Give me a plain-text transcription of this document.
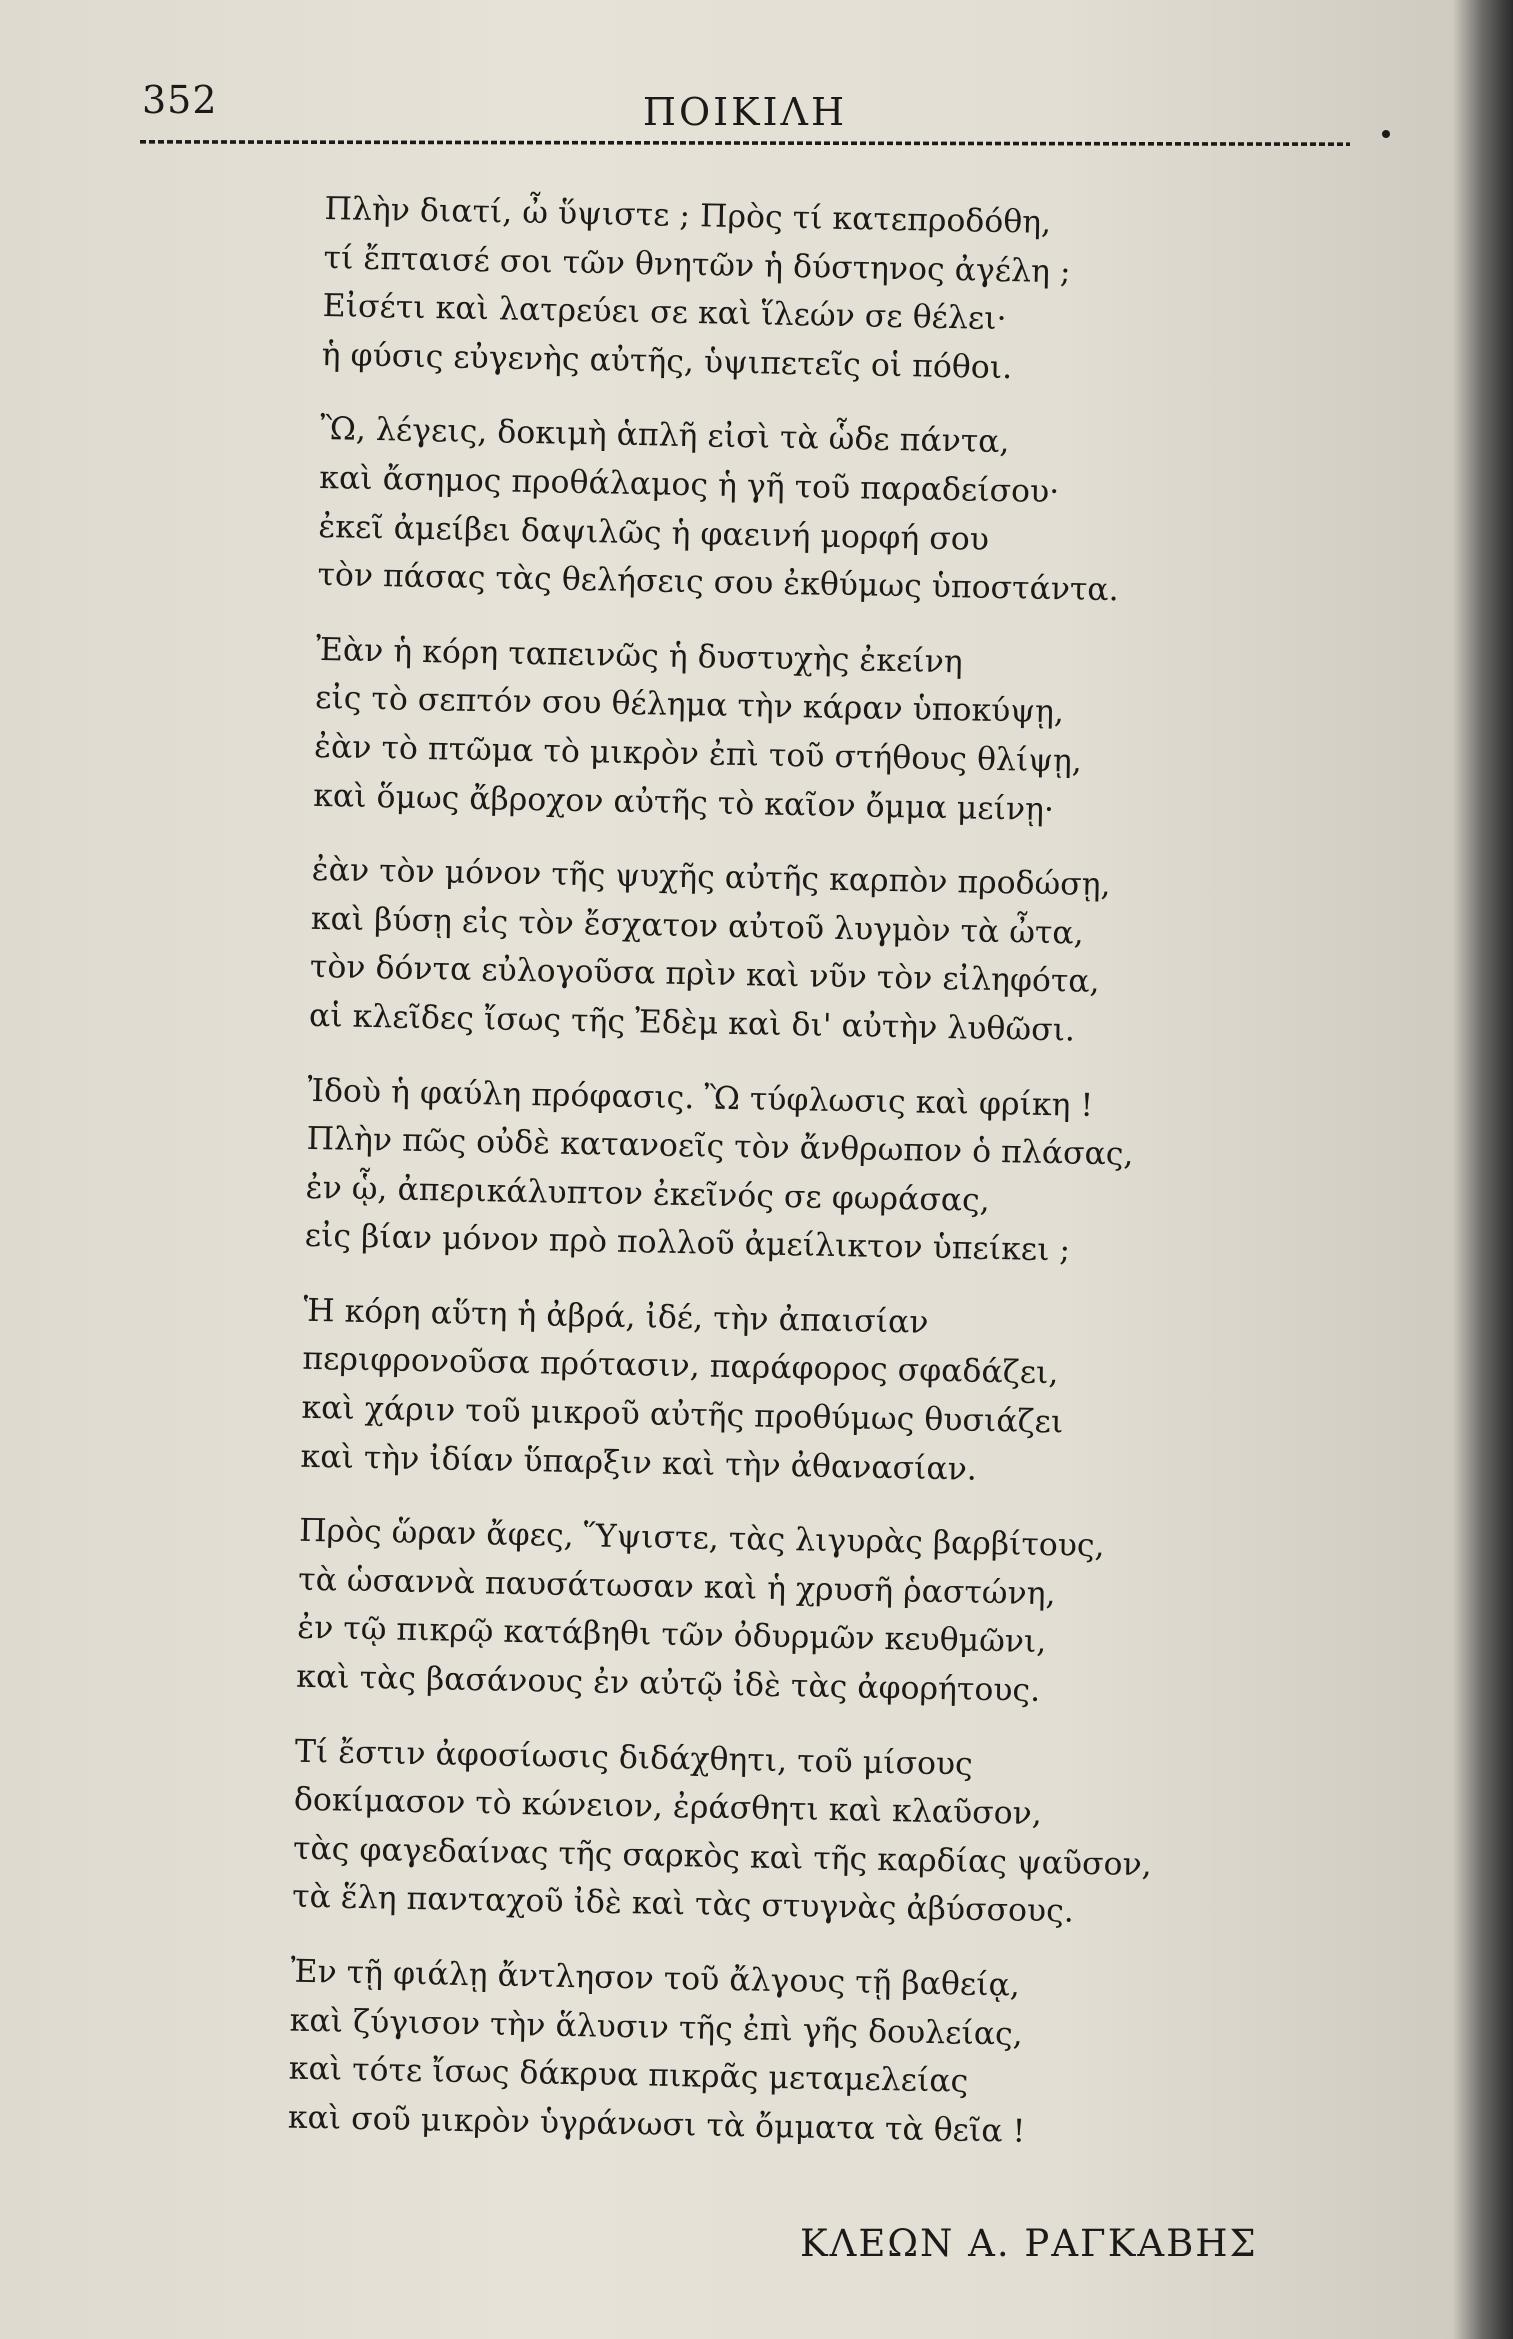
352	ΠΟΙΚΙΛΗ
Πλὴν διατί, ὦ ὕψιστε ; Πρὸς τί κατεπροδόθη,
τί ἔπταισέ σοι τῶν θνητῶν ἡ δύστηνος ἀγέλη ;
Εἰσέτι καὶ λατρεύει σε καὶ ἵλεών σε θέλει·
ἡ φύσις εὐγενὴς αὐτῆς, ὑψιπετεῖς οἱ πόθοι.
Ὢ, λέγεις, δοκιμὴ ἁπλῆ εἰσὶ τὰ ὧδε πάντα,
καὶ ἄσημος προθάλαμος ἡ γῆ τοῦ παραδείσου·
ἐκεῖ ἀμείβει δαψιλῶς ἡ φαεινή μορφή σου
τὸν πάσας τὰς θελήσεις σου ἐκθύμως ὑποστάντα.
Ἐὰν ἡ κόρη ταπεινῶς ἡ δυστυχὴς ἐκείνη
εἰς τὸ σεπτόν σου θέλημα τὴν κάραν ὑποκύψῃ,
ἐὰν τὸ πτῶμα τὸ μικρὸν ἐπὶ τοῦ στήθους θλίψῃ,
καὶ ὅμως ἄβροχον αὐτῆς τὸ καῖον ὄμμα μείνῃ·
ἐὰν τὸν μόνον τῆς ψυχῆς αὐτῆς καρπὸν προδώσῃ,
καὶ βύσῃ εἰς τὸν ἔσχατον αὐτοῦ λυγμὸν τὰ ὦτα,
τὸν δόντα εὐλογοῦσα πρὶν καὶ νῦν τὸν εἰληφότα,
αἱ κλεῖδες ἴσως τῆς Ἐδὲμ καὶ δι' αὐτὴν λυθῶσι.
Ἰδοὺ ἡ φαύλη πρόφασις. Ὢ τύφλωσις καὶ φρίκη !
Πλὴν πῶς οὐδὲ κατανοεῖς τὸν ἄνθρωπον ὁ πλάσας,
ἐν ᾧ, ἀπερικάλυπτον ἐκεῖνός σε φωράσας,
εἰς βίαν μόνον πρὸ πολλοῦ ἀμείλικτον ὑπείκει ;
Ἡ κόρη αὕτη ἡ ἀβρά, ἰδέ, τὴν ἀπαισίαν
περιφρονοῦσα πρότασιν, παράφορος σφαδάζει,
καὶ χάριν τοῦ μικροῦ αὐτῆς προθύμως θυσιάζει
καὶ τὴν ἰδίαν ὕπαρξιν καὶ τὴν ἀθανασίαν.
Πρὸς ὥραν ἄφες, Ὕψιστε, τὰς λιγυρὰς βαρβίτους,
τὰ ὡσαννὰ παυσάτωσαν καὶ ἡ χρυσῆ ῥαστώνη,
ἐν τῷ πικρῷ κατάβηθι τῶν ὀδυρμῶν κευθμῶνι,
καὶ τὰς βασάνους ἐν αὐτῷ ἰδὲ τὰς ἀφορήτους.
Τί ἔστιν ἀφοσίωσις διδάχθητι, τοῦ μίσους
δοκίμασον τὸ κώνειον, ἐράσθητι καὶ κλαῦσον,
τὰς φαγεδαίνας τῆς σαρκὸς καὶ τῆς καρδίας ψαῦσον,
τὰ ἕλη πανταχοῦ ἰδὲ καὶ τὰς στυγνὰς ἀβύσσους.
Ἐν τῇ φιάλῃ ἄντλησον τοῦ ἄλγους τῇ βαθείᾳ,
καὶ ζύγισον τὴν ἅλυσιν τῆς ἐπὶ γῆς δουλείας,
καὶ τότε ἴσως δάκρυα πικρᾶς μεταμελείας
καὶ σοῦ μικρὸν ὑγράνωσι τὰ ὄμματα τὰ θεῖα !
ΚΛΕΩΝ Α. ΡΑΓΚΑΒΗΣ
